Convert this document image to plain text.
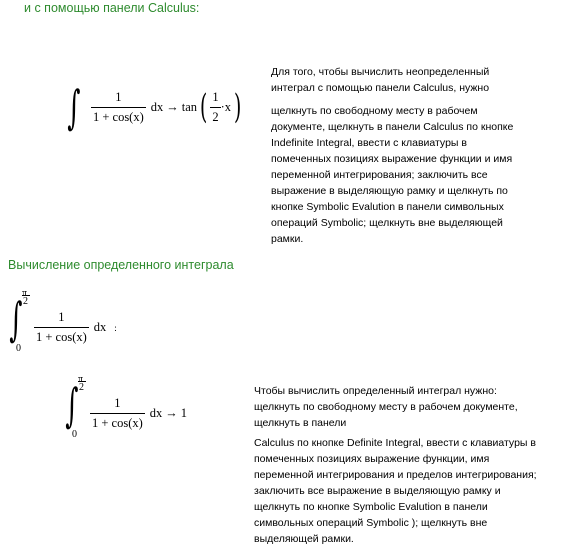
и с помощью панели Calculus:
∫ $\frac{1}{1 + \cos(x)}$ dx → tan ( $\frac{1}{2} \cdot x$ )
Для того, чтобы вычислить неопределенный
интеграл с помощью панели Calculus, нужно
щелкнуть по свободному месту в рабочем
документе, щелкнуть в панели Calculus по кнопке
Indefinite Integral, ввести с клавиатуры в
помеченных позициях выражение функции и имя
переменной интегрирования; заключить все
выражение в выделяющую рамку и щелкнуть по
кнопке Symbolic Evalution в панели символьных
операций Symbolic; щелкнуть вне выделяющей
рамки.
Вычисление определенного интеграла
π
2
0
∫ $\frac{1}{1 + \cos(x)}$ dx :
π
2
0
∫ $\frac{1}{1 + \cos(x)}$ dx → 1
Чтобы вычислить определенный интеграл нужно:
щелкнуть по свободному месту в рабочем документе,
щелкнуть в панели
Calculus по кнопке Definite Integral, ввести с клавиатуры в
помеченных позициях выражение функции, имя
переменной интегрирования и пределов интегрирования;
заключить все выражение в выделяющую рамку и
щелкнуть по кнопке Symbolic Evalution в панели
символьных операций Symbolic ); щелкнуть вне
выделяющей рамки.
